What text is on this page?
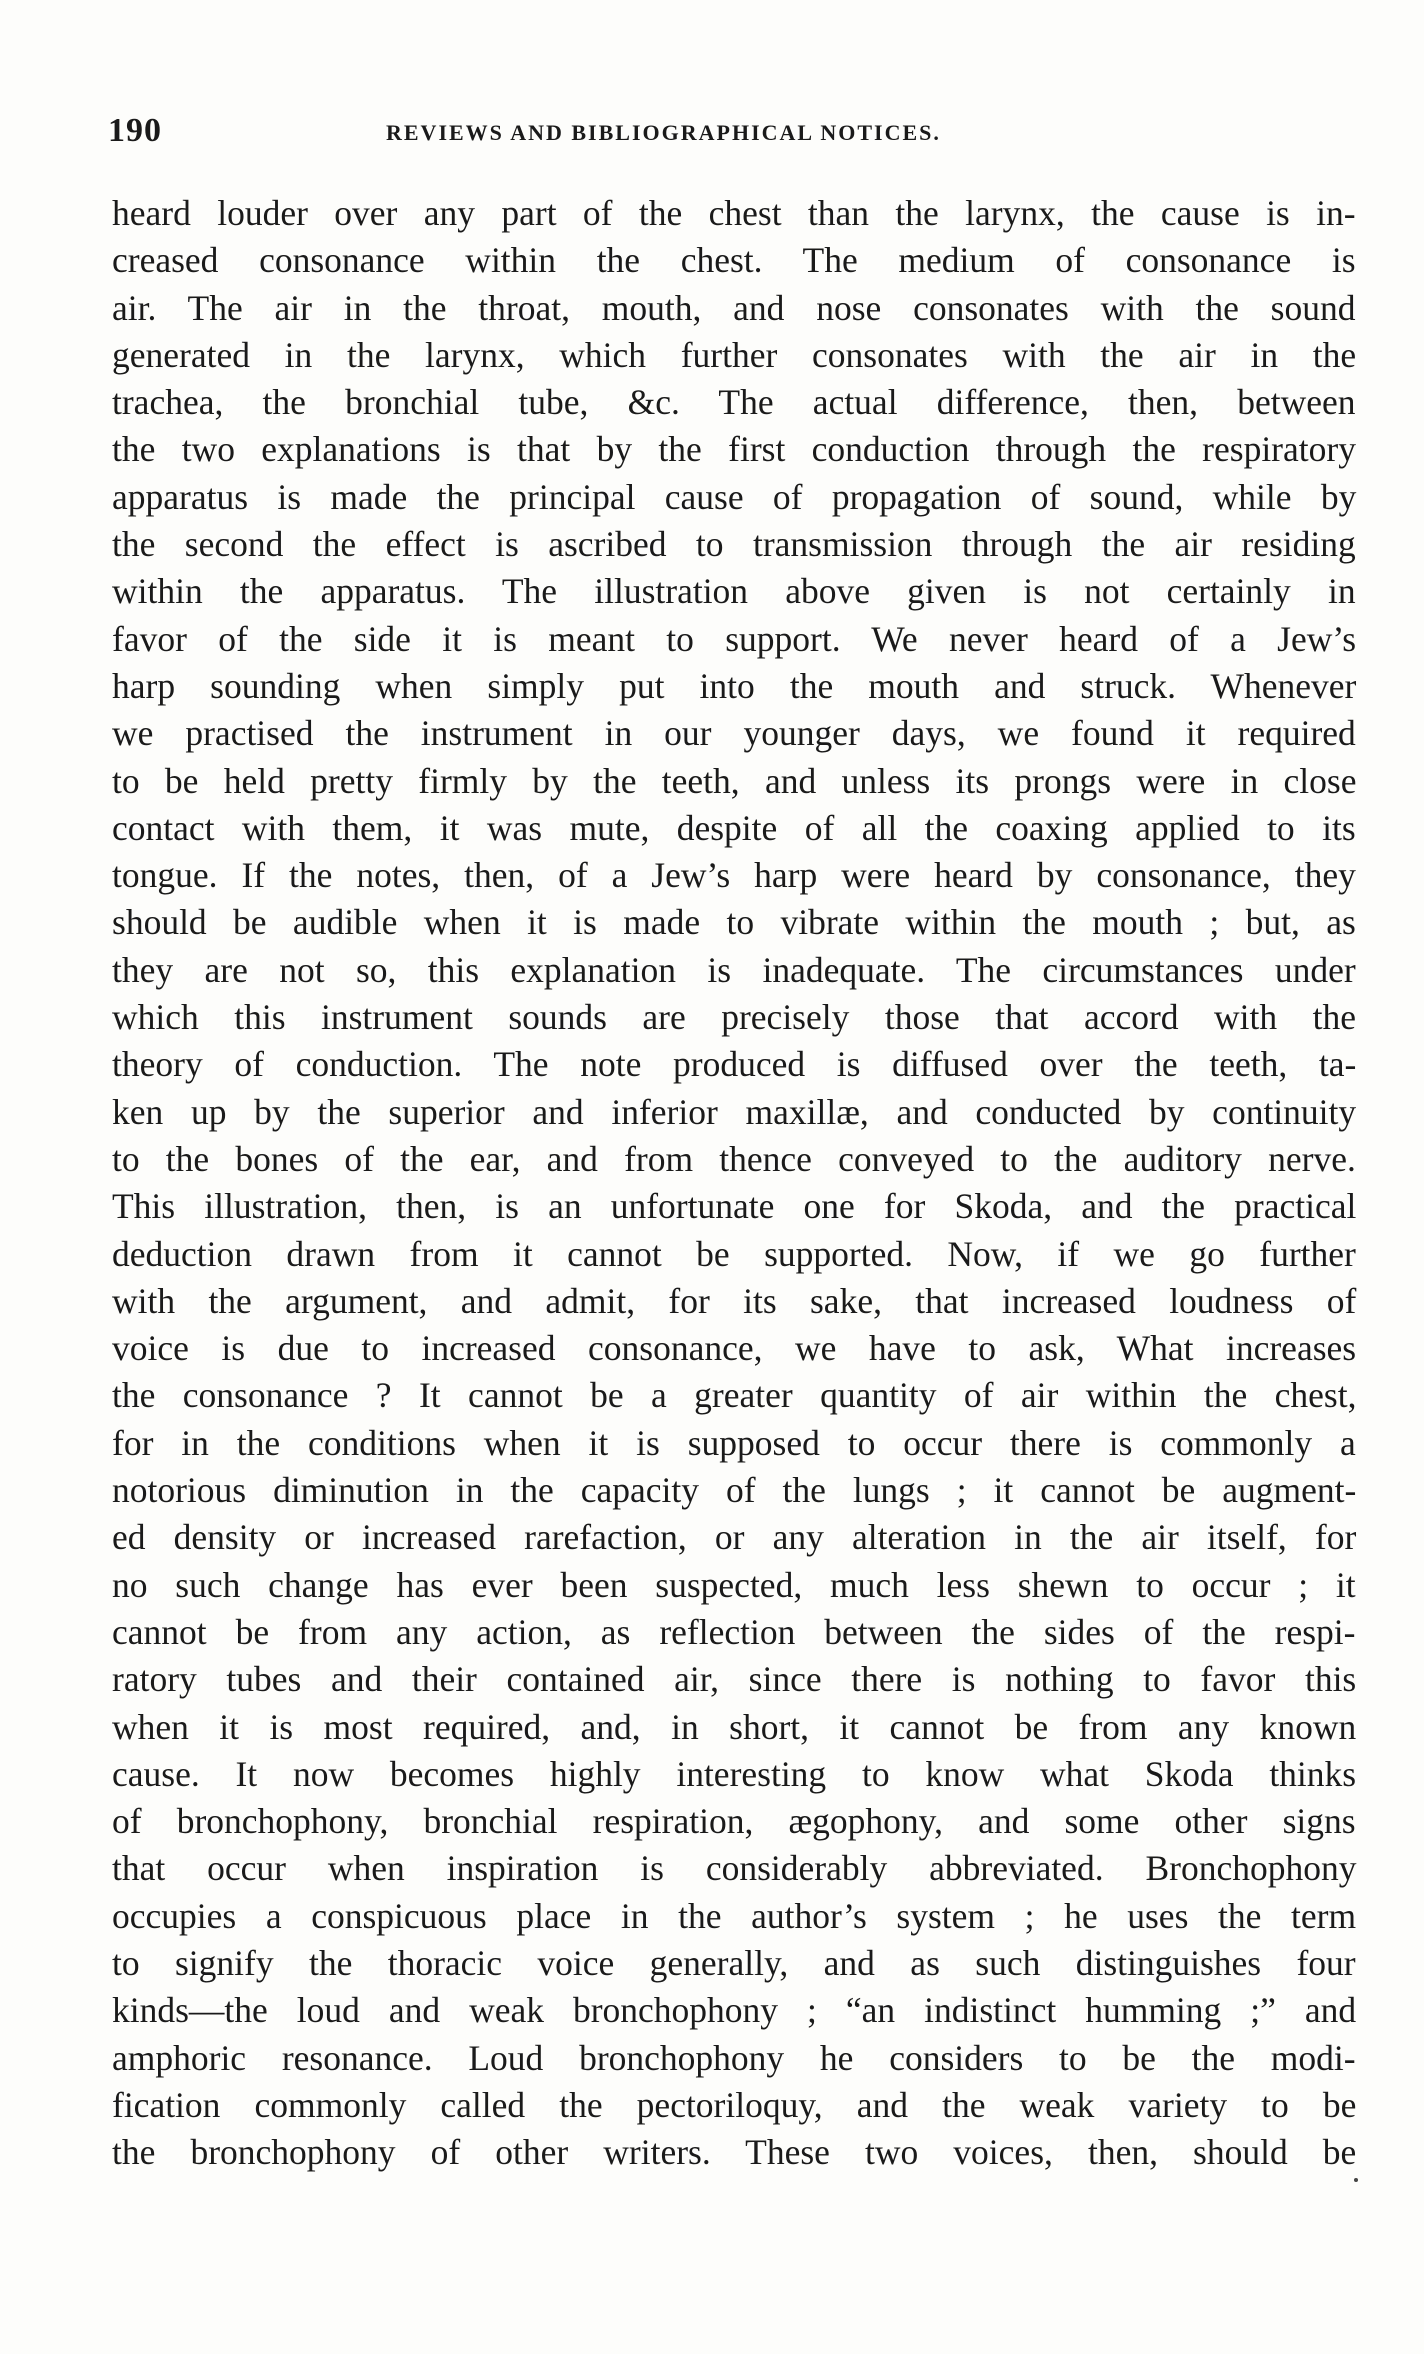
190	REVIEWS AND BIBLIOGRAPHICAL NOTICES.
heard louder over any part of the chest than the larynx, the cause is in-
creased consonance within the chest. The medium of consonance is
air. The air in the throat, mouth, and nose consonates with the sound
generated in the larynx, which further consonates with the air in the
trachea, the bronchial tube, &c. The actual difference, then, between
the two explanations is that by the first conduction through the respiratory
apparatus is made the principal cause of propagation of sound, while by
the second the effect is ascribed to transmission through the air residing
within the apparatus. The illustration above given is not certainly in
favor of the side it is meant to support. We never heard of a Jew’s
harp sounding when simply put into the mouth and struck. Whenever
we practised the instrument in our younger days, we found it required
to be held pretty firmly by the teeth, and unless its prongs were in close
contact with them, it was mute, despite of all the coaxing applied to its
tongue. If the notes, then, of a Jew’s harp were heard by consonance, they
should be audible when it is made to vibrate within the mouth ; but, as
they are not so, this explanation is inadequate. The circumstances under
which this instrument sounds are precisely those that accord with the
theory of conduction. The note produced is diffused over the teeth, ta-
ken up by the superior and inferior maxillæ, and conducted by continuity
to the bones of the ear, and from thence conveyed to the auditory nerve.
This illustration, then, is an unfortunate one for Skoda, and the practical
deduction drawn from it cannot be supported. Now, if we go further
with the argument, and admit, for its sake, that increased loudness of
voice is due to increased consonance, we have to ask, What increases
the consonance ? It cannot be a greater quantity of air within the chest,
for in the conditions when it is supposed to occur there is commonly a
notorious diminution in the capacity of the lungs ; it cannot be augment-
ed density or increased rarefaction, or any alteration in the air itself, for
no such change has ever been suspected, much less shewn to occur ; it
cannot be from any action, as reflection between the sides of the respi-
ratory tubes and their contained air, since there is nothing to favor this
when it is most required, and, in short, it cannot be from any known
cause. It now becomes highly interesting to know what Skoda thinks
of bronchophony, bronchial respiration, ægophony, and some other signs
that occur when inspiration is considerably abbreviated. Bronchophony
occupies a conspicuous place in the author’s system ; he uses the term
to signify the thoracic voice generally, and as such distinguishes four
kinds—the loud and weak bronchophony ; “an indistinct humming ;” and
amphoric resonance. Loud bronchophony he considers to be the modi-
fication commonly called the pectoriloquy, and the weak variety to be
the bronchophony of other writers. These two voices, then, should be
